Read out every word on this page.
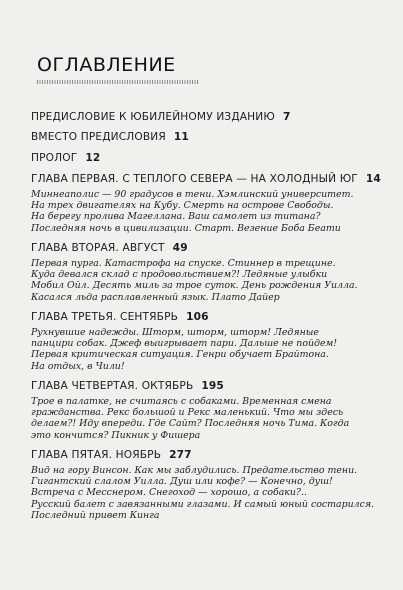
ОГЛАВЛЕНИЕ
ПРЕДИСЛОВИЕ К ЮБИЛЕЙНОМУ ИЗДАНИЮ 7
ВМЕСТО ПРЕДИСЛОВИЯ 11
ПРОЛОГ 12
ГЛАВА ПЕРВАЯ. С ТЕПЛОГО СЕВЕРА — НА ХОЛОДНЫЙ ЮГ 14
Миннеаполис — 90 градусов в тени. Хэмлинский университет.
На трех двигателях на Кубу. Смерть на острове Свободы.
На берегу пролива Магеллана. Ваш самолет из титана?
Последняя ночь в цивилизации. Старт. Везение Боба Беати
ГЛАВА ВТОРАЯ. АВГУСТ 49
Первая пурга. Катастрофа на спуске. Стиннер в трещине.
Куда девался склад с продовольствием?! Ледяные улыбки
Мобил Ойл. Десять миль за трое суток. День рождения Уилла.
Касался льда расплавленный язык. Плато Дайер
ГЛАВА ТРЕТЬЯ. СЕНТЯБРЬ 106
Рухнувшие надежды. Шторм, шторм, шторм! Ледяные
панцири собак. Джеф выигрывает пари. Дальше не пойдем!
Первая критическая ситуация. Генри обучает Брайтона.
На отдых, в Чили!
ГЛАВА ЧЕТВЕРТАЯ. ОКТЯБРЬ 195
Трое в палатке, не считаясь с собаками. Временная смена
гражданства. Рекс большой и Рекс маленький. Что мы здесь
делаем?! Иду впереди. Где Сайт? Последняя ночь Тима. Когда
это кончится? Пикник у Фишера
ГЛАВА ПЯТАЯ. НОЯБРЬ 277
Вид на гору Винсон. Как мы заблудились. Предательство тени.
Гигантский слалом Уилла. Душ или кофе? — Конечно, душ!
Встреча с Месснером. Снегоход — хорошо, а собаки?..
Русский балет с завязанными глазами. И самый юный состарился.
Последний привет Кинга
